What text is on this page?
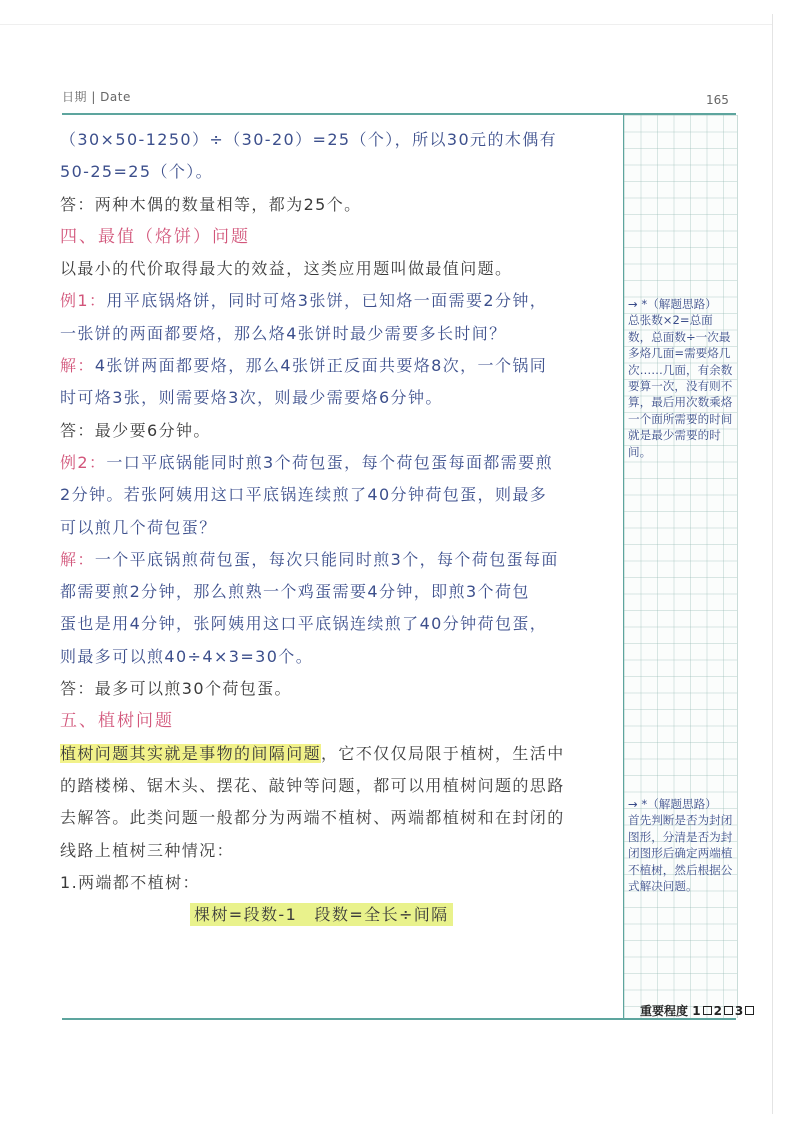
日期 | Date	165
（30×50-1250）÷（30-20）=25（个），所以30元的木偶有
50-25=25（个）。
答：两种木偶的数量相等，都为25个。
四、最值（烙饼）问题
以最小的代价取得最大的效益，这类应用题叫做最值问题。
例1：用平底锅烙饼，同时可烙3张饼，已知烙一面需要2分钟，
一张饼的两面都要烙，那么烙4张饼时最少需要多长时间？
解：4张饼两面都要烙，那么4张饼正反面共要烙8次，一个锅同
时可烙3张，则需要烙3次，则最少需要烙6分钟。
答：最少要6分钟。
例2：一口平底锅能同时煎3个荷包蛋，每个荷包蛋每面都需要煎
2分钟。若张阿姨用这口平底锅连续煎了40分钟荷包蛋，则最多
可以煎几个荷包蛋？
解：一个平底锅煎荷包蛋，每次只能同时煎3个，每个荷包蛋每面
都需要煎2分钟，那么煎熟一个鸡蛋需要4分钟，即煎3个荷包
蛋也是用4分钟，张阿姨用这口平底锅连续煎了40分钟荷包蛋，
则最多可以煎40÷4×3=30个。
答：最多可以煎30个荷包蛋。
五、植树问题
植树问题其实就是事物的间隔问题，它不仅仅局限于植树，生活中
的踏楼梯、锯木头、摆花、敲钟等问题，都可以用植树问题的思路
去解答。此类问题一般都分为两端不植树、两端都植树和在封闭的
线路上植树三种情况：
1.两端都不植树：
棵树=段数-1　段数=全长÷间隔
→ *（解题思路）
总张数×2=总面数，总面数÷一次最多烙几面=需要烙几次……几面，有余数要算一次，没有则不算，最后用次数乘烙一个面所需要的时间就是最少需要的时间。
→ *（解题思路）
首先判断是否为封闭图形，分清是否为封闭图形后确定两端植不植树，然后根据公式解决问题。
重要程度 1 2 3
